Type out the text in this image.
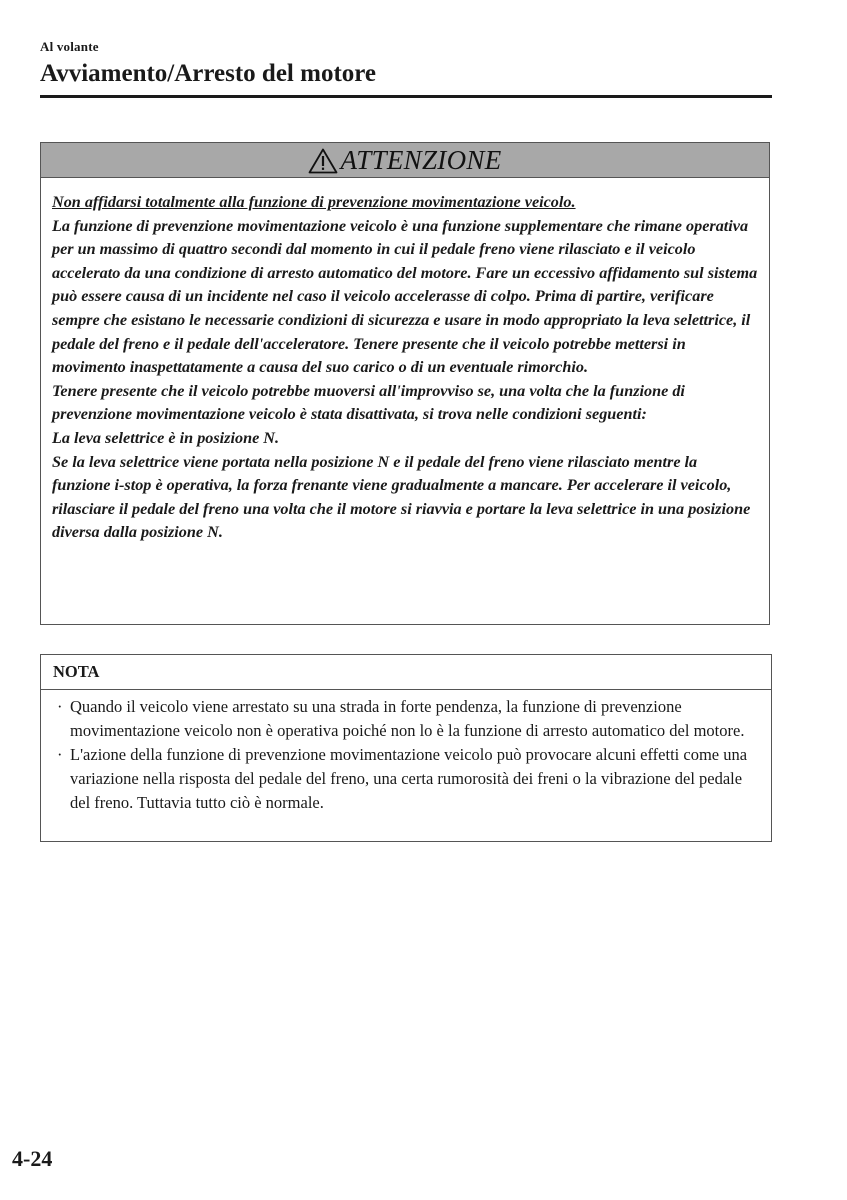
Al volante
Avviamento/Arresto del motore
ATTENZIONE

Non affidarsi totalmente alla funzione di prevenzione movimentazione veicolo.

La funzione di prevenzione movimentazione veicolo è una funzione supplementare che rimane operativa per un massimo di quattro secondi dal momento in cui il pedale freno viene rilasciato e il veicolo accelerato da una condizione di arresto automatico del motore. Fare un eccessivo affidamento sul sistema può essere causa di un incidente nel caso il veicolo accelerasse di colpo. Prima di partire, verificare sempre che esistano le necessarie condizioni di sicurezza e usare in modo appropriato la leva selettrice, il pedale del freno e il pedale dell'acceleratore. Tenere presente che il veicolo potrebbe mettersi in movimento inaspettatamente a causa del suo carico o di un eventuale rimorchio.

Tenere presente che il veicolo potrebbe muoversi all'improvviso se, una volta che la funzione di prevenzione movimentazione veicolo è stata disattivata, si trova nelle condizioni seguenti:

La leva selettrice è in posizione N.

Se la leva selettrice viene portata nella posizione N e il pedale del freno viene rilasciato mentre la funzione i-stop è operativa, la forza frenante viene gradualmente a mancare. Per accelerare il veicolo, rilasciare il pedale del freno una volta che il motore si riavvia e portare la leva selettrice in una posizione diversa dalla posizione N.

NOTA
· Quando il veicolo viene arrestato su una strada in forte pendenza, la funzione di prevenzione movimentazione veicolo non è operativa poiché non lo è la funzione di arresto automatico del motore.
· L'azione della funzione di prevenzione movimentazione veicolo può provocare alcuni effetti come una variazione nella risposta del pedale del freno, una certa rumorosità dei freni o la vibrazione del pedale del freno. Tuttavia tutto ciò è normale.
4-24
